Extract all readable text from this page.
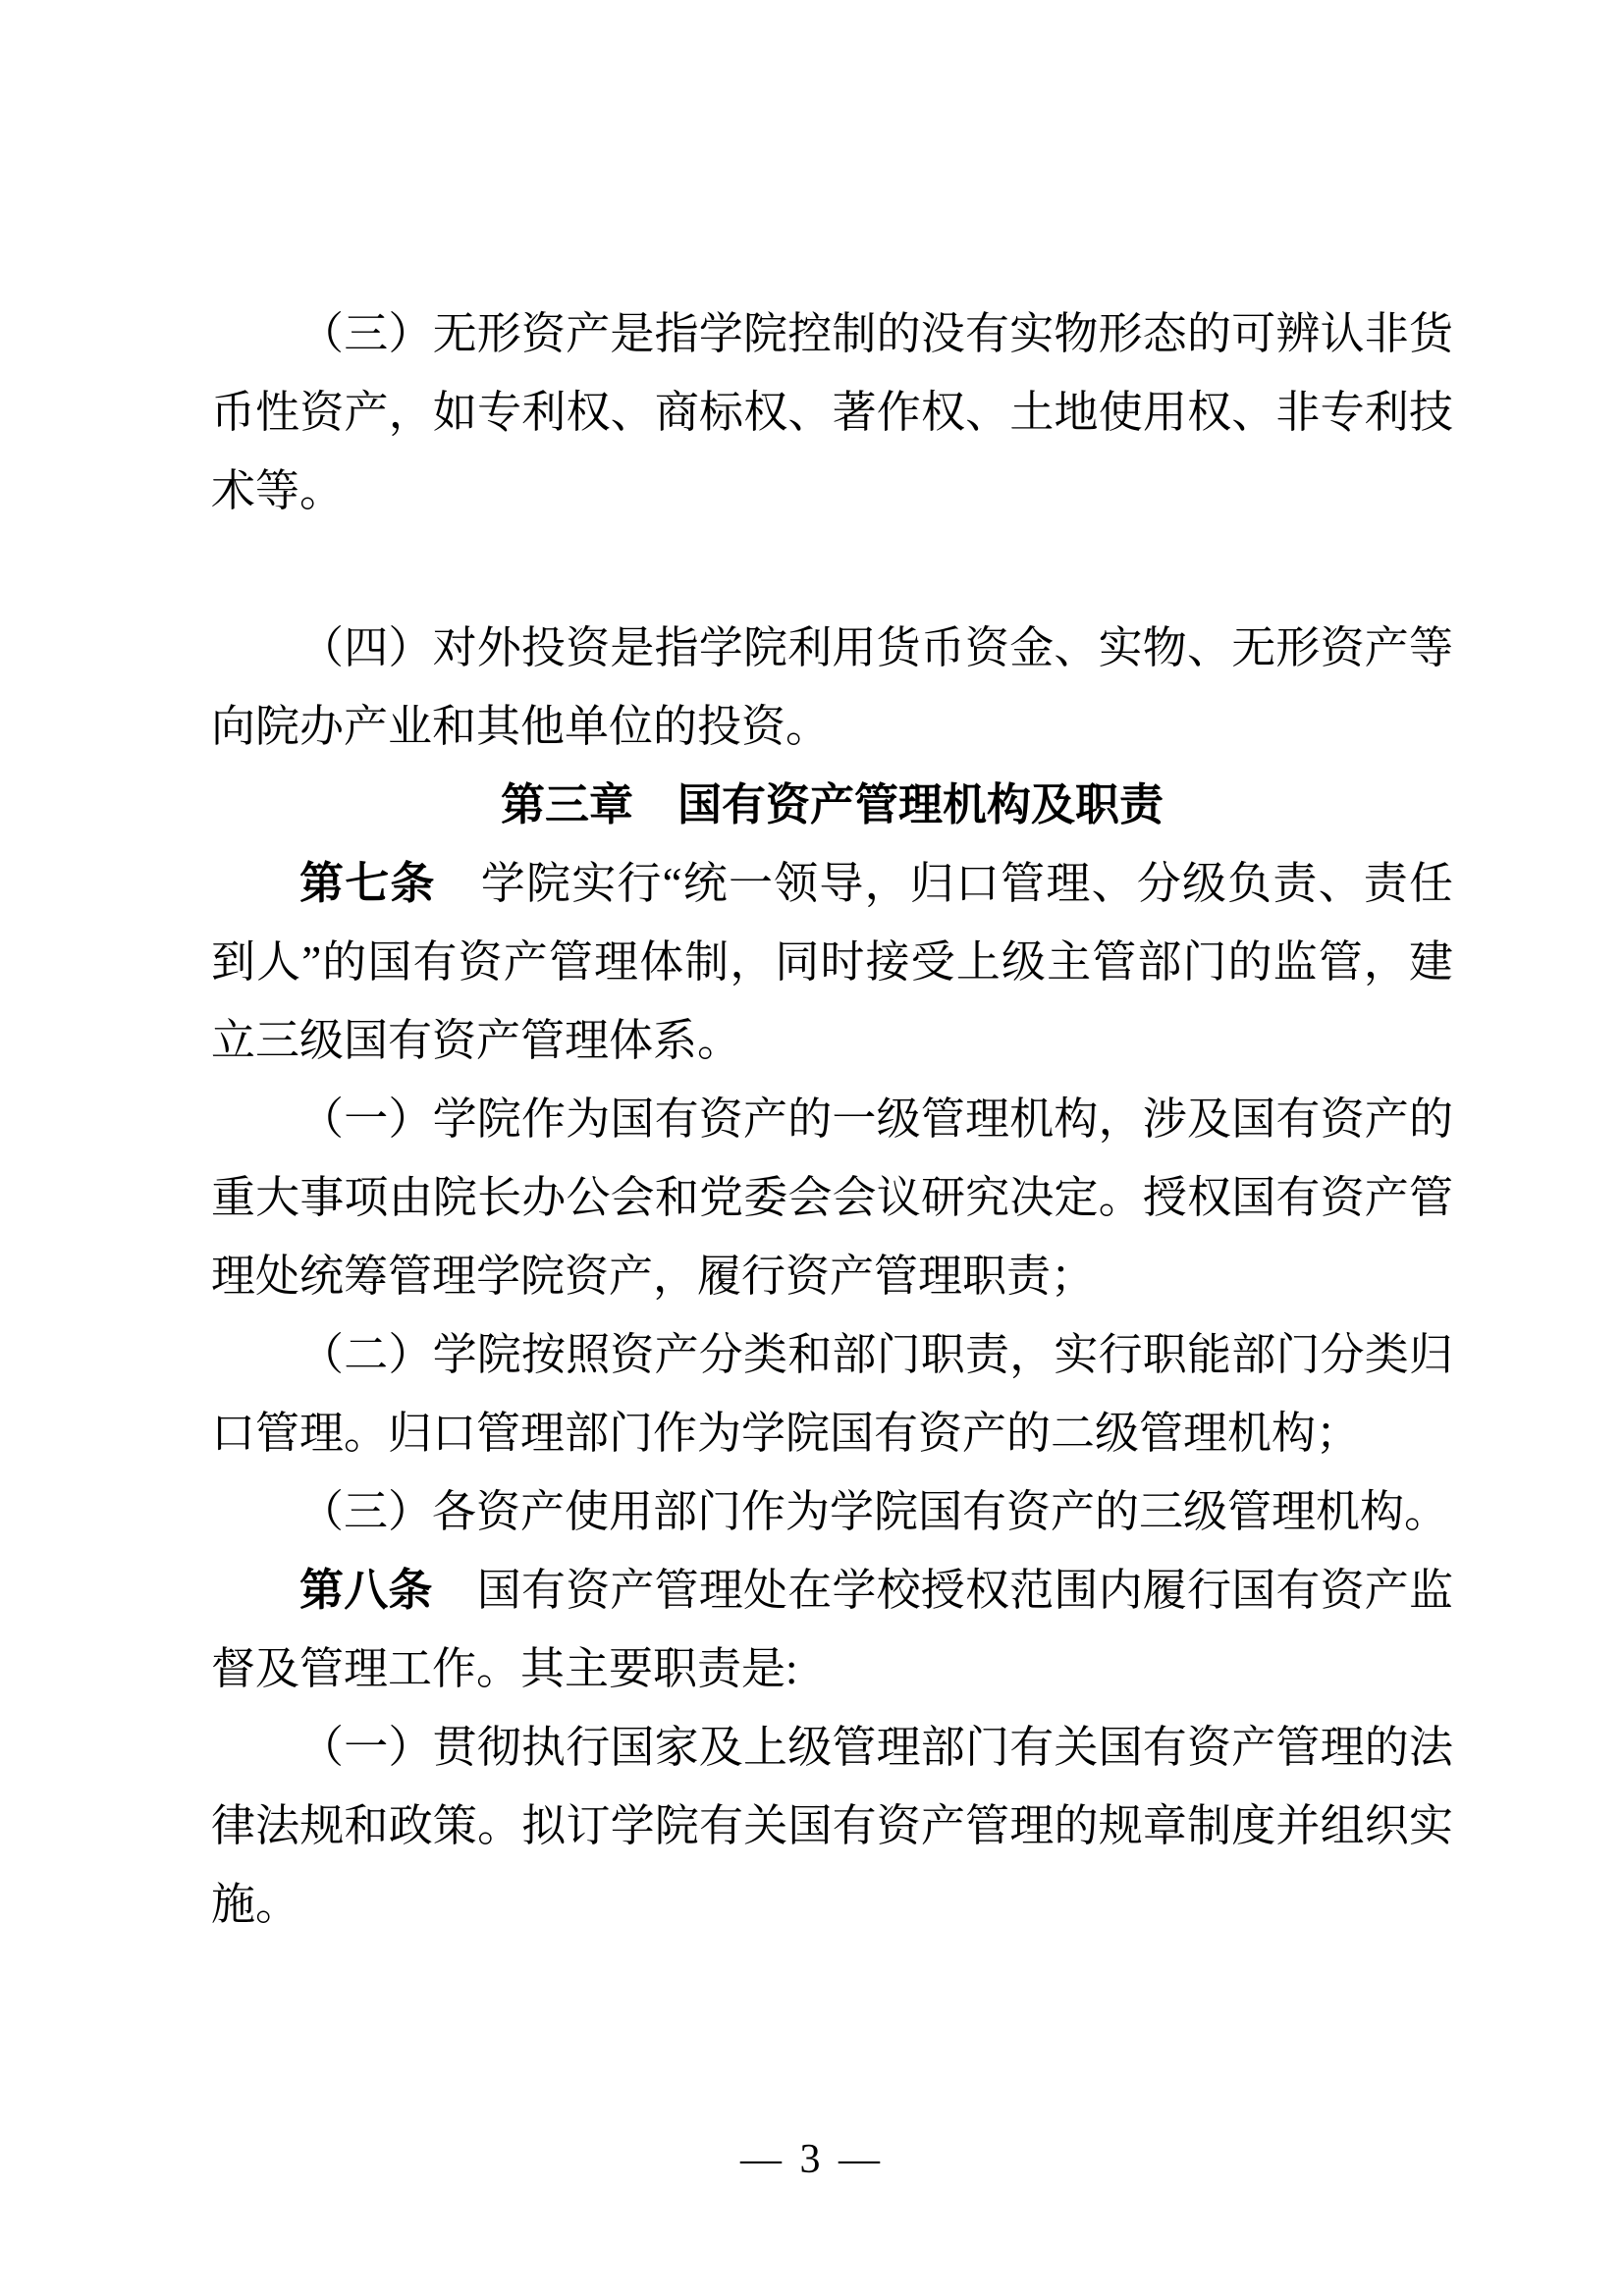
（三）无形资产是指学院控制的没有实物形态的可辨认非货币性资产，如专利权、商标权、著作权、土地使用权、非专利技术等。

（四）对外投资是指学院利用货币资金、实物、无形资产等向院办产业和其他单位的投资。

第三章　国有资产管理机构及职责

第七条　学院实行“统一领导，归口管理、分级负责、责任到人”的国有资产管理体制，同时接受上级主管部门的监管，建立三级国有资产管理体系。

（一）学院作为国有资产的一级管理机构，涉及国有资产的重大事项由院长办公会和党委会会议研究决定。授权国有资产管理处统筹管理学院资产，履行资产管理职责；

（二）学院按照资产分类和部门职责，实行职能部门分类归口管理。归口管理部门作为学院国有资产的二级管理机构；

（三）各资产使用部门作为学院国有资产的三级管理机构。

第八条　国有资产管理处在学校授权范围内履行国有资产监督及管理工作。其主要职责是:

（一）贯彻执行国家及上级管理部门有关国有资产管理的法律法规和政策。拟订学院有关国有资产管理的规章制度并组织实施。

— 3 —
